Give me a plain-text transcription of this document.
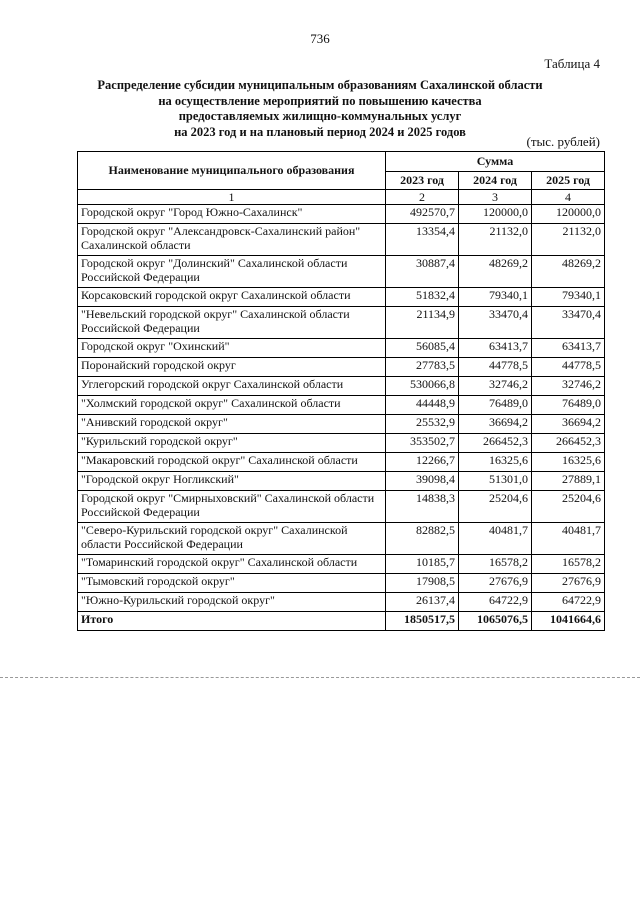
736
Таблица 4
Распределение субсидии муниципальным образованиям Сахалинской области
на осуществление мероприятий по повышению качества
предоставляемых жилищно-коммунальных услуг
на 2023 год и на плановый период 2024 и 2025 годов
(тыс. рублей)
Наименование муниципального образования	Сумма		
	2023 год	2024 год	2025 год
1	2	3	4
Городской округ "Город Южно-Сахалинск"	492570,7	120000,0	120000,0
Городской округ "Александровск-Сахалинский район" Сахалинской области	13354,4	21132,0	21132,0
Городской округ "Долинский" Сахалинской области Российской Федерации	30887,4	48269,2	48269,2
Корсаковский городской округ Сахалинской области	51832,4	79340,1	79340,1
"Невельский городской округ" Сахалинской области Российской Федерации	21134,9	33470,4	33470,4
Городской округ "Охинский"	56085,4	63413,7	63413,7
Поронайский городской округ	27783,5	44778,5	44778,5
Углегорский городской округ Сахалинской области	530066,8	32746,2	32746,2
"Холмский городской округ" Сахалинской области	44448,9	76489,0	76489,0
"Анивский городской округ"	25532,9	36694,2	36694,2
"Курильский городской округ"	353502,7	266452,3	266452,3
"Макаровский городской округ" Сахалинской области	12266,7	16325,6	16325,6
"Городской округ Ногликский"	39098,4	51301,0	27889,1
Городской округ "Смирныховский" Сахалинской области Российской Федерации	14838,3	25204,6	25204,6
"Северо-Курильский городской округ" Сахалинской области Российской Федерации	82882,5	40481,7	40481,7
"Томаринский городской округ" Сахалинской области	10185,7	16578,2	16578,2
"Тымовский городской округ"	17908,5	27676,9	27676,9
"Южно-Курильский городской округ"	26137,4	64722,9	64722,9
Итого	1850517,5	1065076,5	1041664,6
